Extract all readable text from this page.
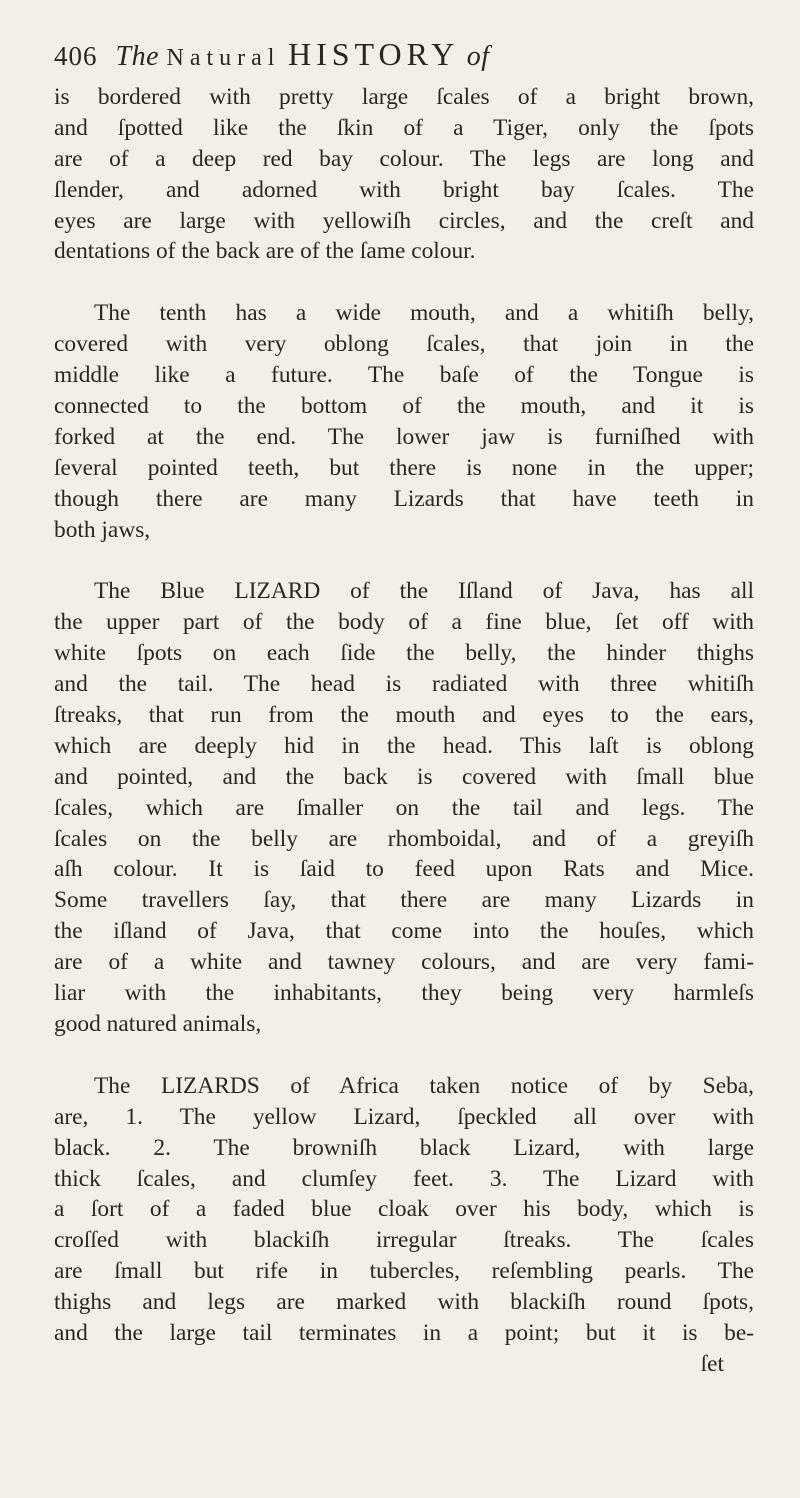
406 The Natural HISTORY of
is bordered with pretty large ſcales of a bright brown,
and ſpotted like the ſkin of a Tiger, only the ſpots
are of a deep red bay colour. The legs are long and
ſlender, and adorned with bright bay ſcales. The
eyes are large with yellowiſh circles, and the creſt and
dentations of the back are of the ſame colour.
The tenth has a wide mouth, and a whitiſh belly,
covered with very oblong ſcales, that join in the
middle like a future. The baſe of the Tongue is
connected to the bottom of the mouth, and it is
forked at the end. The lower jaw is furniſhed with
ſeveral pointed teeth, but there is none in the upper;
though there are many Lizards that have teeth in
both jaws,
The Blue LIZARD of the Iſland of Java, has all
the upper part of the body of a fine blue, ſet off with
white ſpots on each ſide the belly, the hinder thighs
and the tail. The head is radiated with three whitiſh
ſtreaks, that run from the mouth and eyes to the ears,
which are deeply hid in the head. This laſt is oblong
and pointed, and the back is covered with ſmall blue
ſcales, which are ſmaller on the tail and legs. The
ſcales on the belly are rhomboidal, and of a greyiſh
aſh colour. It is ſaid to feed upon Rats and Mice.
Some travellers ſay, that there are many Lizards in
the iſland of Java, that come into the houſes, which
are of a white and tawney colours, and are very fami-
liar with the inhabitants, they being very harmleſs
good natured animals,
The LIZARDS of Africa taken notice of by Seba,
are, 1. The yellow Lizard, ſpeckled all over with
black. 2. The browniſh black Lizard, with large
thick ſcales, and clumſey feet. 3. The Lizard with
a ſort of a faded blue cloak over his body, which is
croſſed with blackiſh irregular ſtreaks. The ſcales
are ſmall but rife in tubercles, reſembling pearls. The
thighs and legs are marked with blackiſh round ſpots,
and the large tail terminates in a point; but it is be-
ſet
